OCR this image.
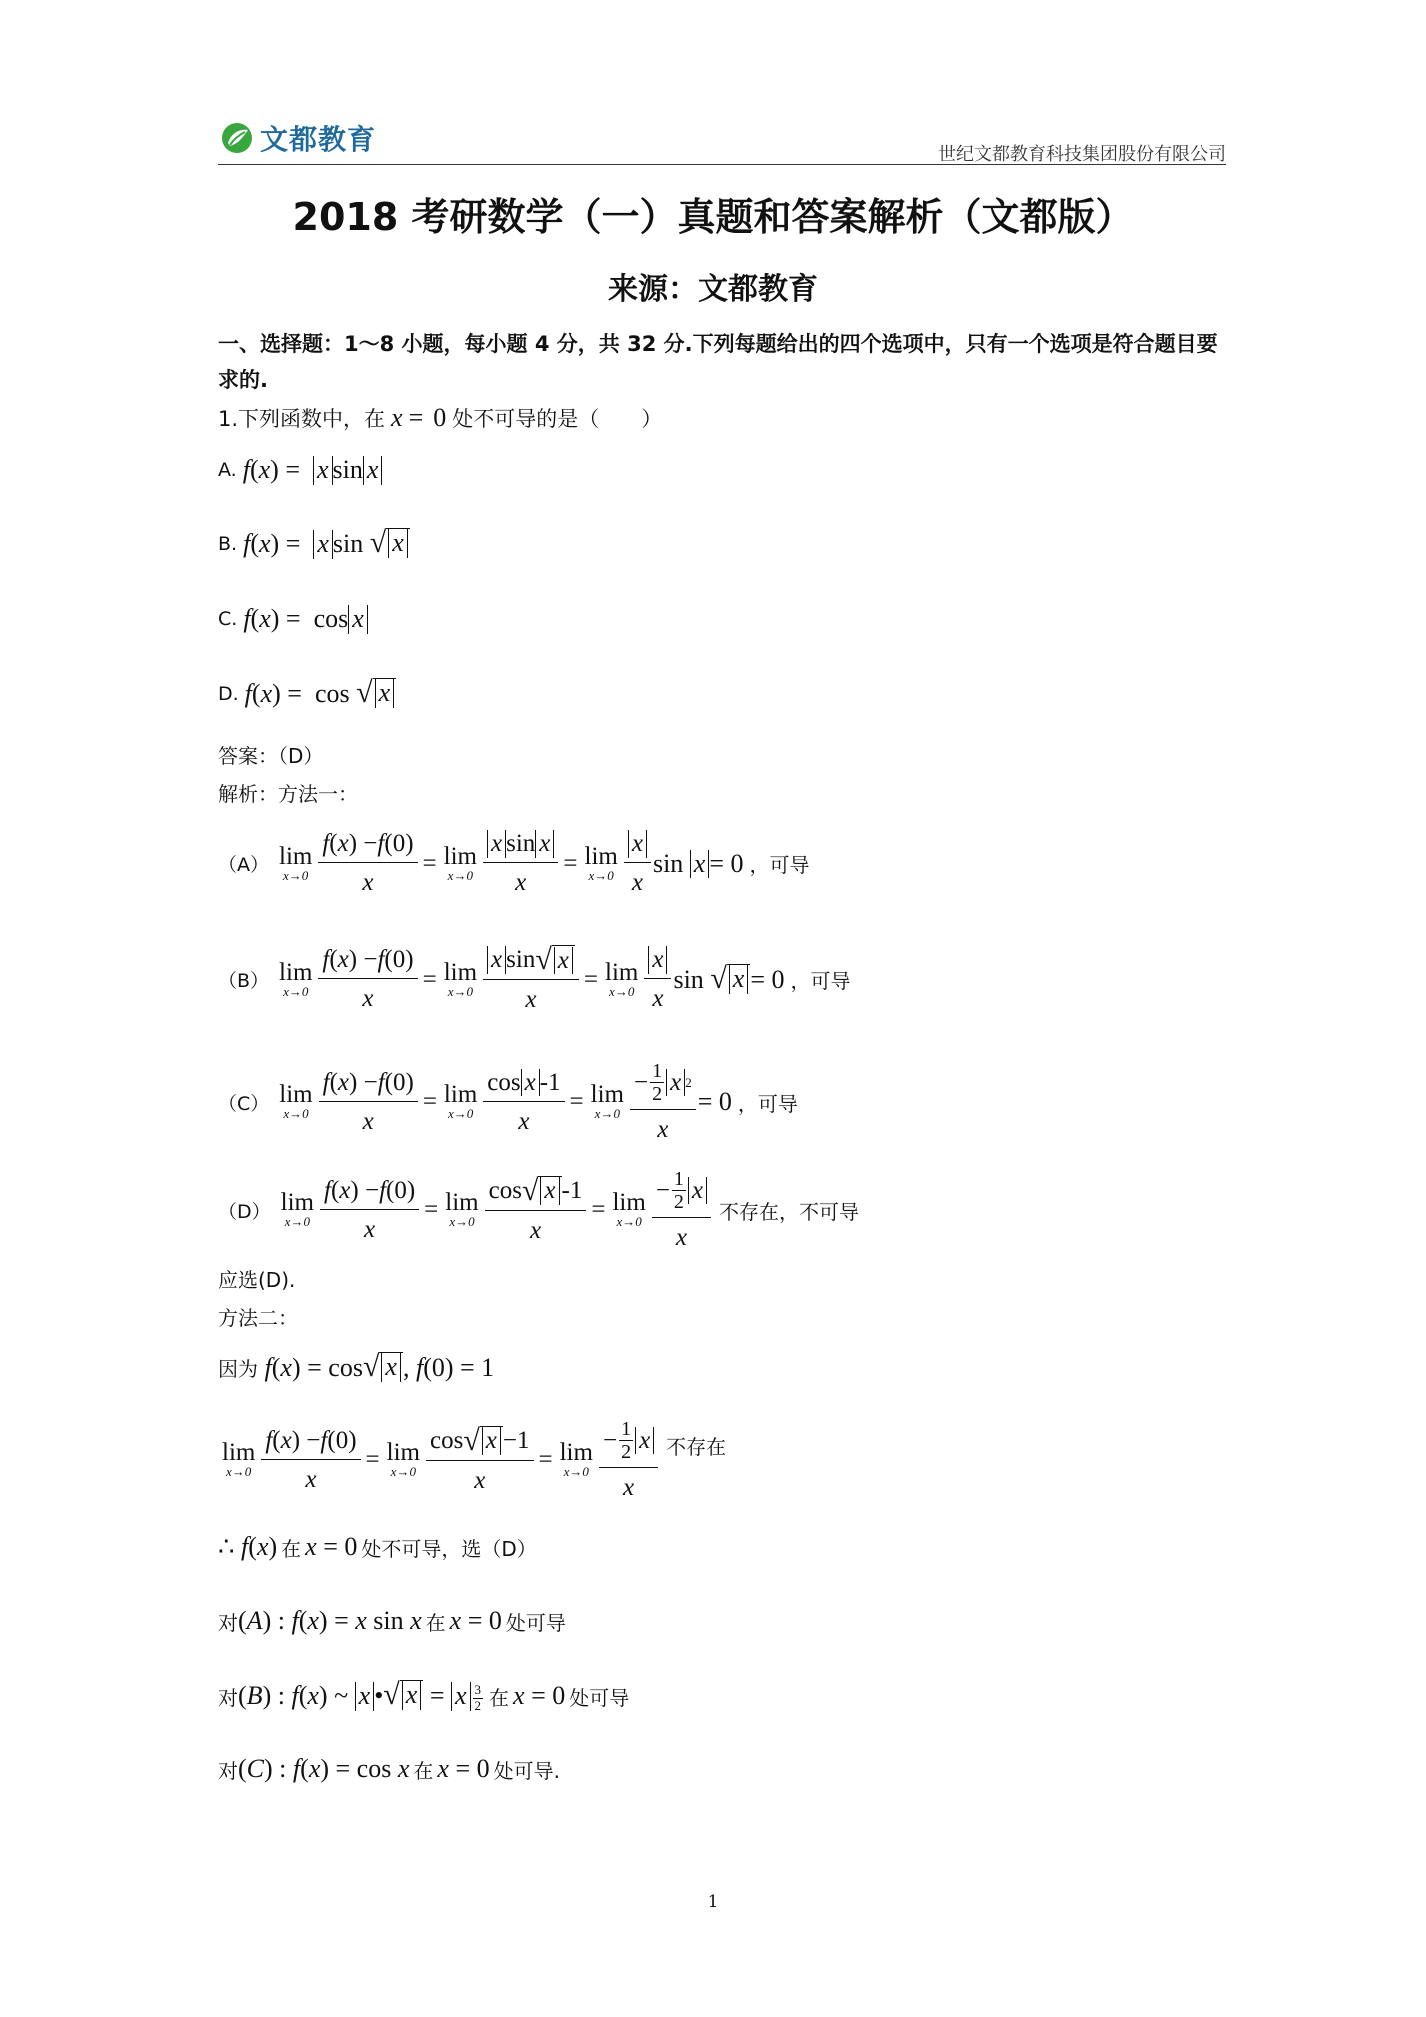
文都教育	世纪文都教育科技集团股份有限公司
2018 考研数学（一）真题和答案解析（文都版）
来源：文都教育
一、选择题：1～8 小题，每小题 4 分，共 32 分.下列每题给出的四个选项中，只有一个选项是符合题目要求的.
1.下列函数中，在 x = 0 处不可导的是（　　）
A. f(x) =  x sin x
B. f(x) =  x sin √ x
C. f(x) =  cos x
D. f(x) =  cos √ x
答案：（D）
解析：方法一：
（A） lim
$x\to 0 \frac{f ( x ) - f (0)}{x} = \lim$
$x\to 0 \frac{\text{x sin x}}{x} = \lim$
$x\to 0 \frac{x}{x}$ sin x = 0 ，可导
（B） lim
$x\to 0 \frac{f ( x ) - f (0)}{x} = \lim$
$x\to 0 \frac{\text{x sin √ x}}{x} = \lim$
$x\to 0 \frac{x}{x}$ sin √ x = 0 ，可导
（C） lim
$x\to 0 \frac{f ( x ) - f (0)}{x} = \lim$
$x\to 0 \frac{\text{cos x -1}}{x} = \lim$
$x\to 0 \frac{- \frac{1}{2} x 2}{x} = 0$ ，可导
（D） lim
$x\to 0 \frac{f ( x ) - f (0)}{x} = \lim$
$x\to 0 \frac{\cos √ x -1}{x} = \lim$
$x\to 0 \frac{- \frac{1}{2} x}{x}$ 不存在，不可导
应选(D).
方法二：
因为 f(x) = cos √ x , f(0) = 1
lim
$x\to 0 \frac{f ( x ) - f (0)}{x} = \lim$
$x\to 0 \frac{\cos √ x -1}{x} = \lim$
$x\to 0 \frac{- \frac{1}{2} x}{x}$ 不存在
∴ f(x) 在 x = 0 处不可导，选（D）
对 (A) : f(x) = x sin x 在 x = 0 处可导
对 (B) : f(x) ~ x • √ x = x $\frac{3}{2}$ 在 x = 0 处可导
对 (C) : f(x) = cos x 在 x = 0 处可导.
1
